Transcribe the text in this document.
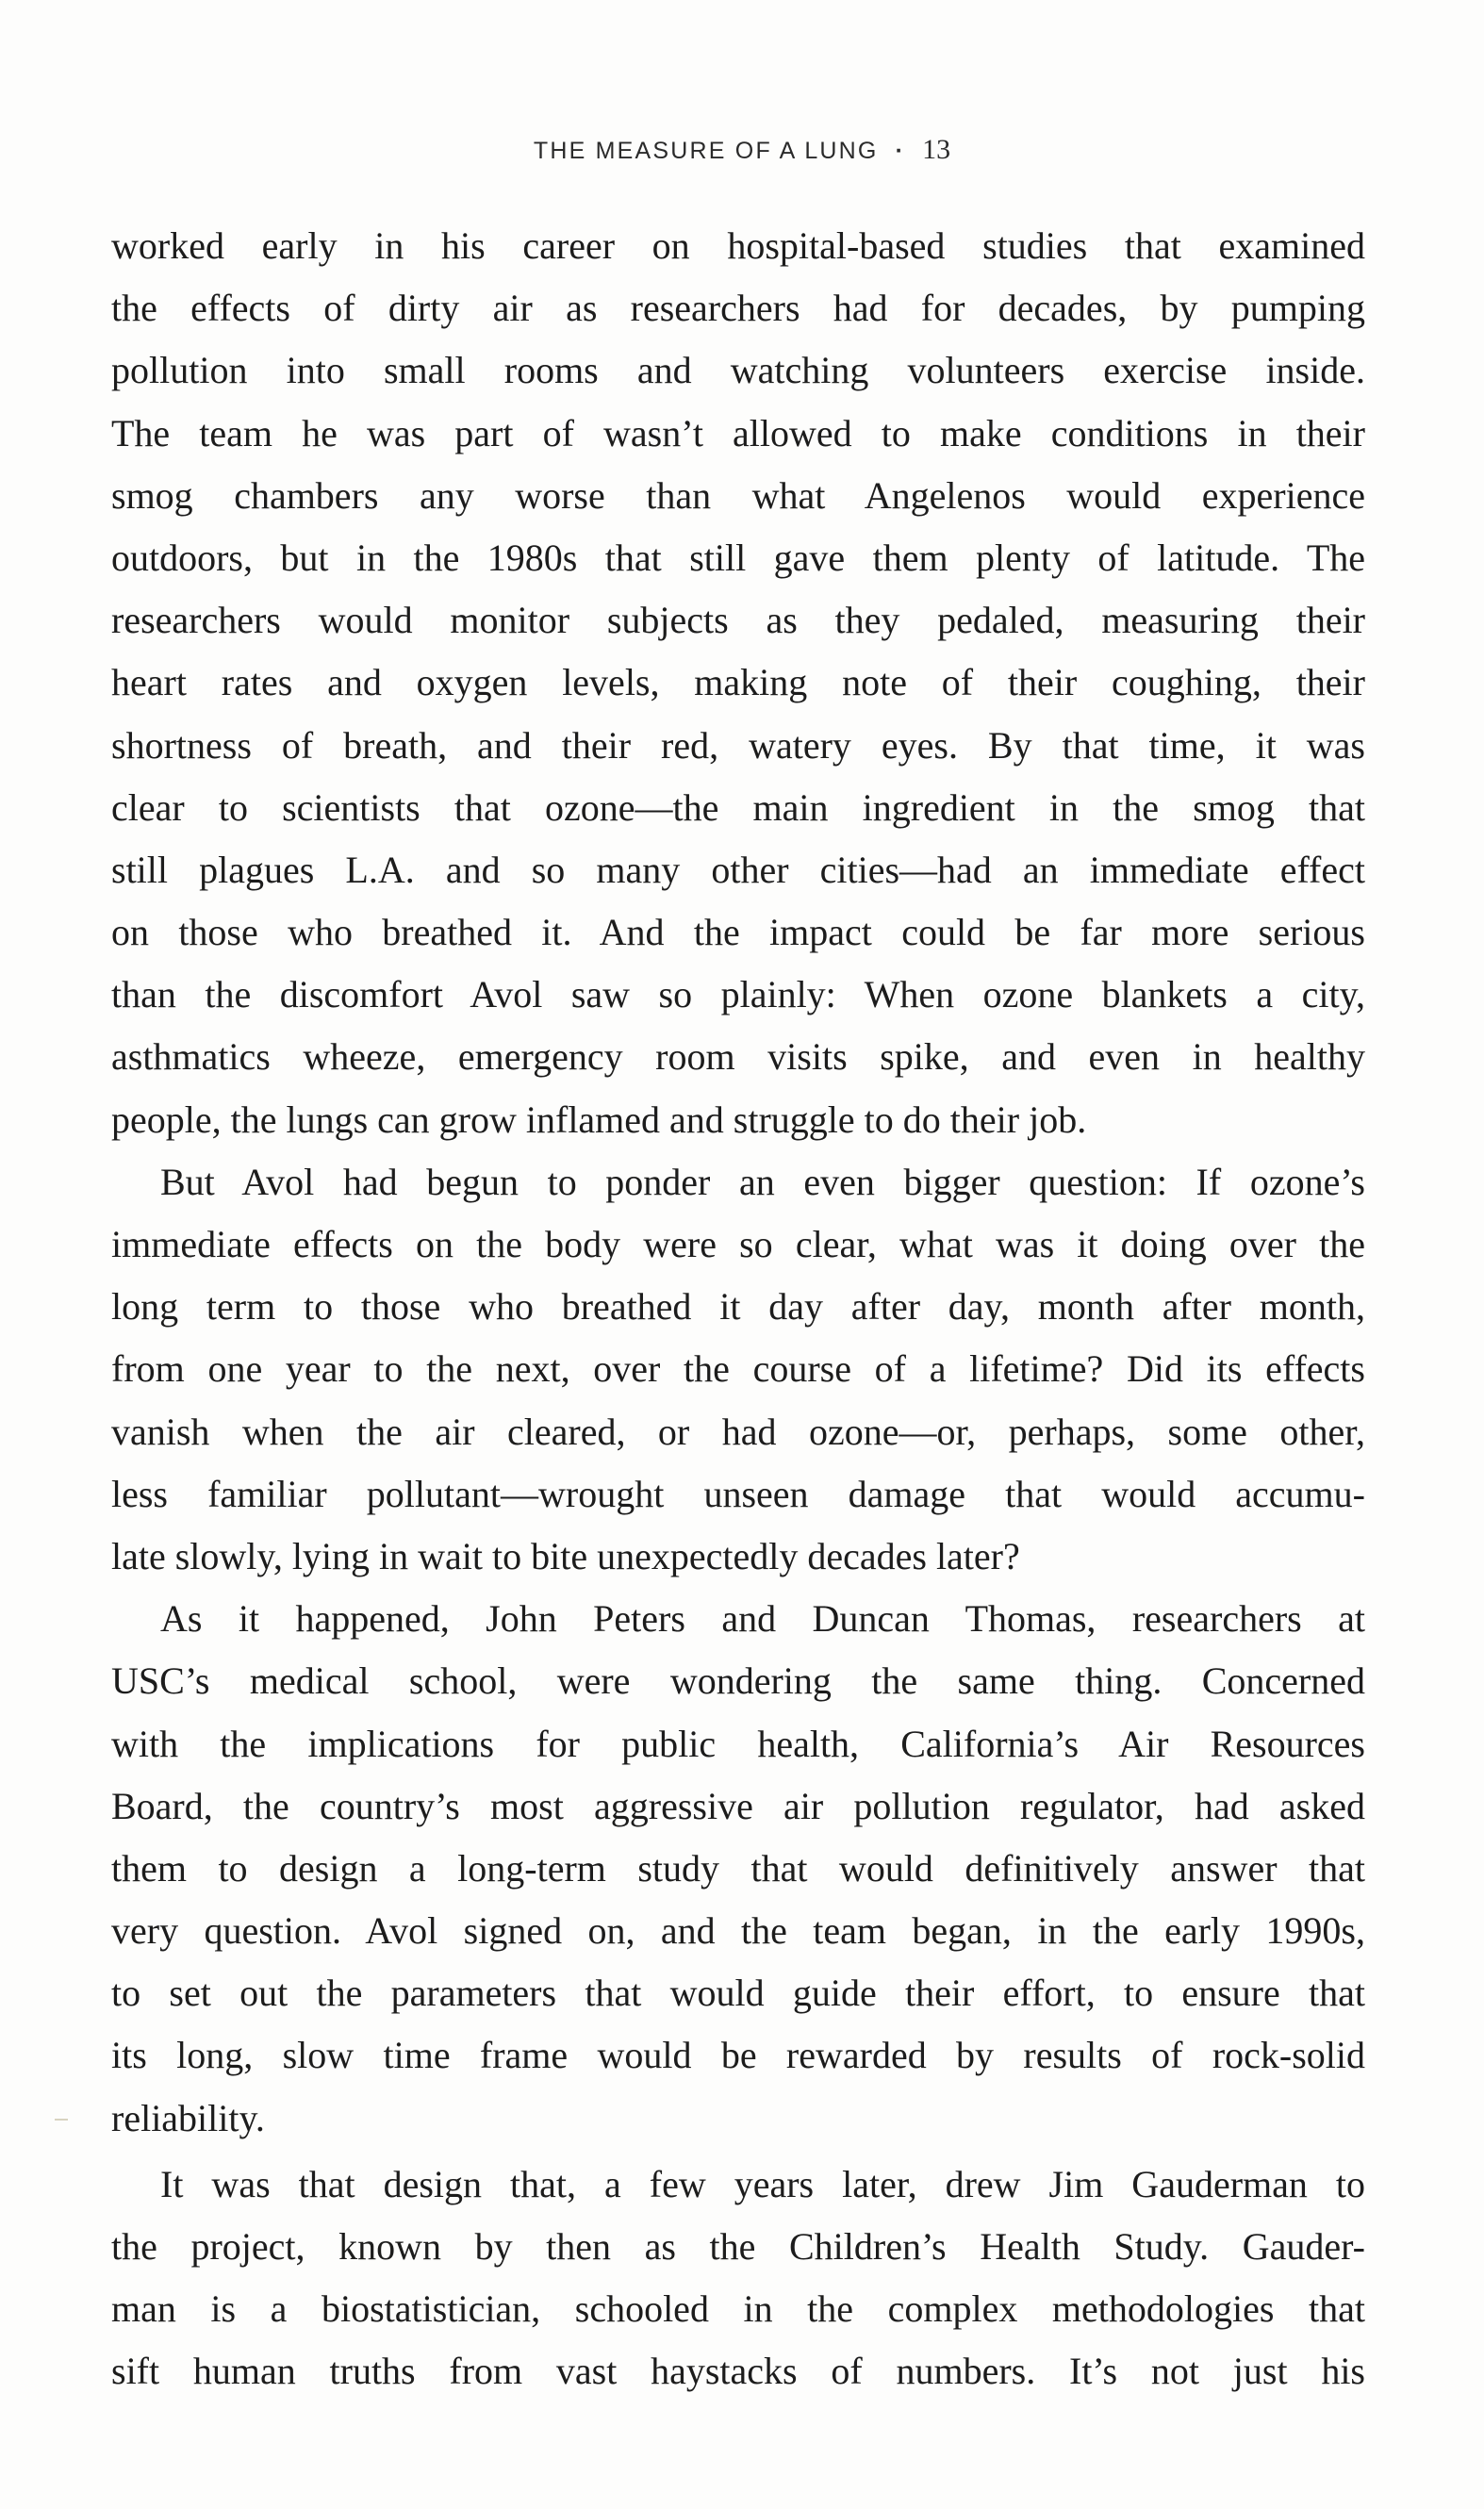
THE MEASURE OF A LUNG · 13

worked early in his career on hospital-based studies that examined
the effects of dirty air as researchers had for decades, by pumping
pollution into small rooms and watching volunteers exercise inside.
The team he was part of wasn’t allowed to make conditions in their
smog chambers any worse than what Angelenos would experience
outdoors, but in the 1980s that still gave them plenty of latitude. The
researchers would monitor subjects as they pedaled, measuring their
heart rates and oxygen levels, making note of their coughing, their
shortness of breath, and their red, watery eyes. By that time, it was
clear to scientists that ozone—the main ingredient in the smog that
still plagues L.A. and so many other cities—had an immediate effect
on those who breathed it. And the impact could be far more serious
than the discomfort Avol saw so plainly: When ozone blankets a city,
asthmatics wheeze, emergency room visits spike, and even in healthy
people, the lungs can grow inflamed and struggle to do their job.

But Avol had begun to ponder an even bigger question: If ozone’s
immediate effects on the body were so clear, what was it doing over the
long term to those who breathed it day after day, month after month,
from one year to the next, over the course of a lifetime? Did its effects
vanish when the air cleared, or had ozone—or, perhaps, some other,
less familiar pollutant—wrought unseen damage that would accumu-
late slowly, lying in wait to bite unexpectedly decades later?

As it happened, John Peters and Duncan Thomas, researchers at
USC’s medical school, were wondering the same thing. Concerned
with the implications for public health, California’s Air Resources
Board, the country’s most aggressive air pollution regulator, had asked
them to design a long-term study that would definitively answer that
very question. Avol signed on, and the team began, in the early 1990s,
to set out the parameters that would guide their effort, to ensure that
its long, slow time frame would be rewarded by results of rock-solid
reliability.

It was that design that, a few years later, drew Jim Gauderman to
the project, known by then as the Children’s Health Study. Gauder-
man is a biostatistician, schooled in the complex methodologies that
sift human truths from vast haystacks of numbers. It’s not just his
